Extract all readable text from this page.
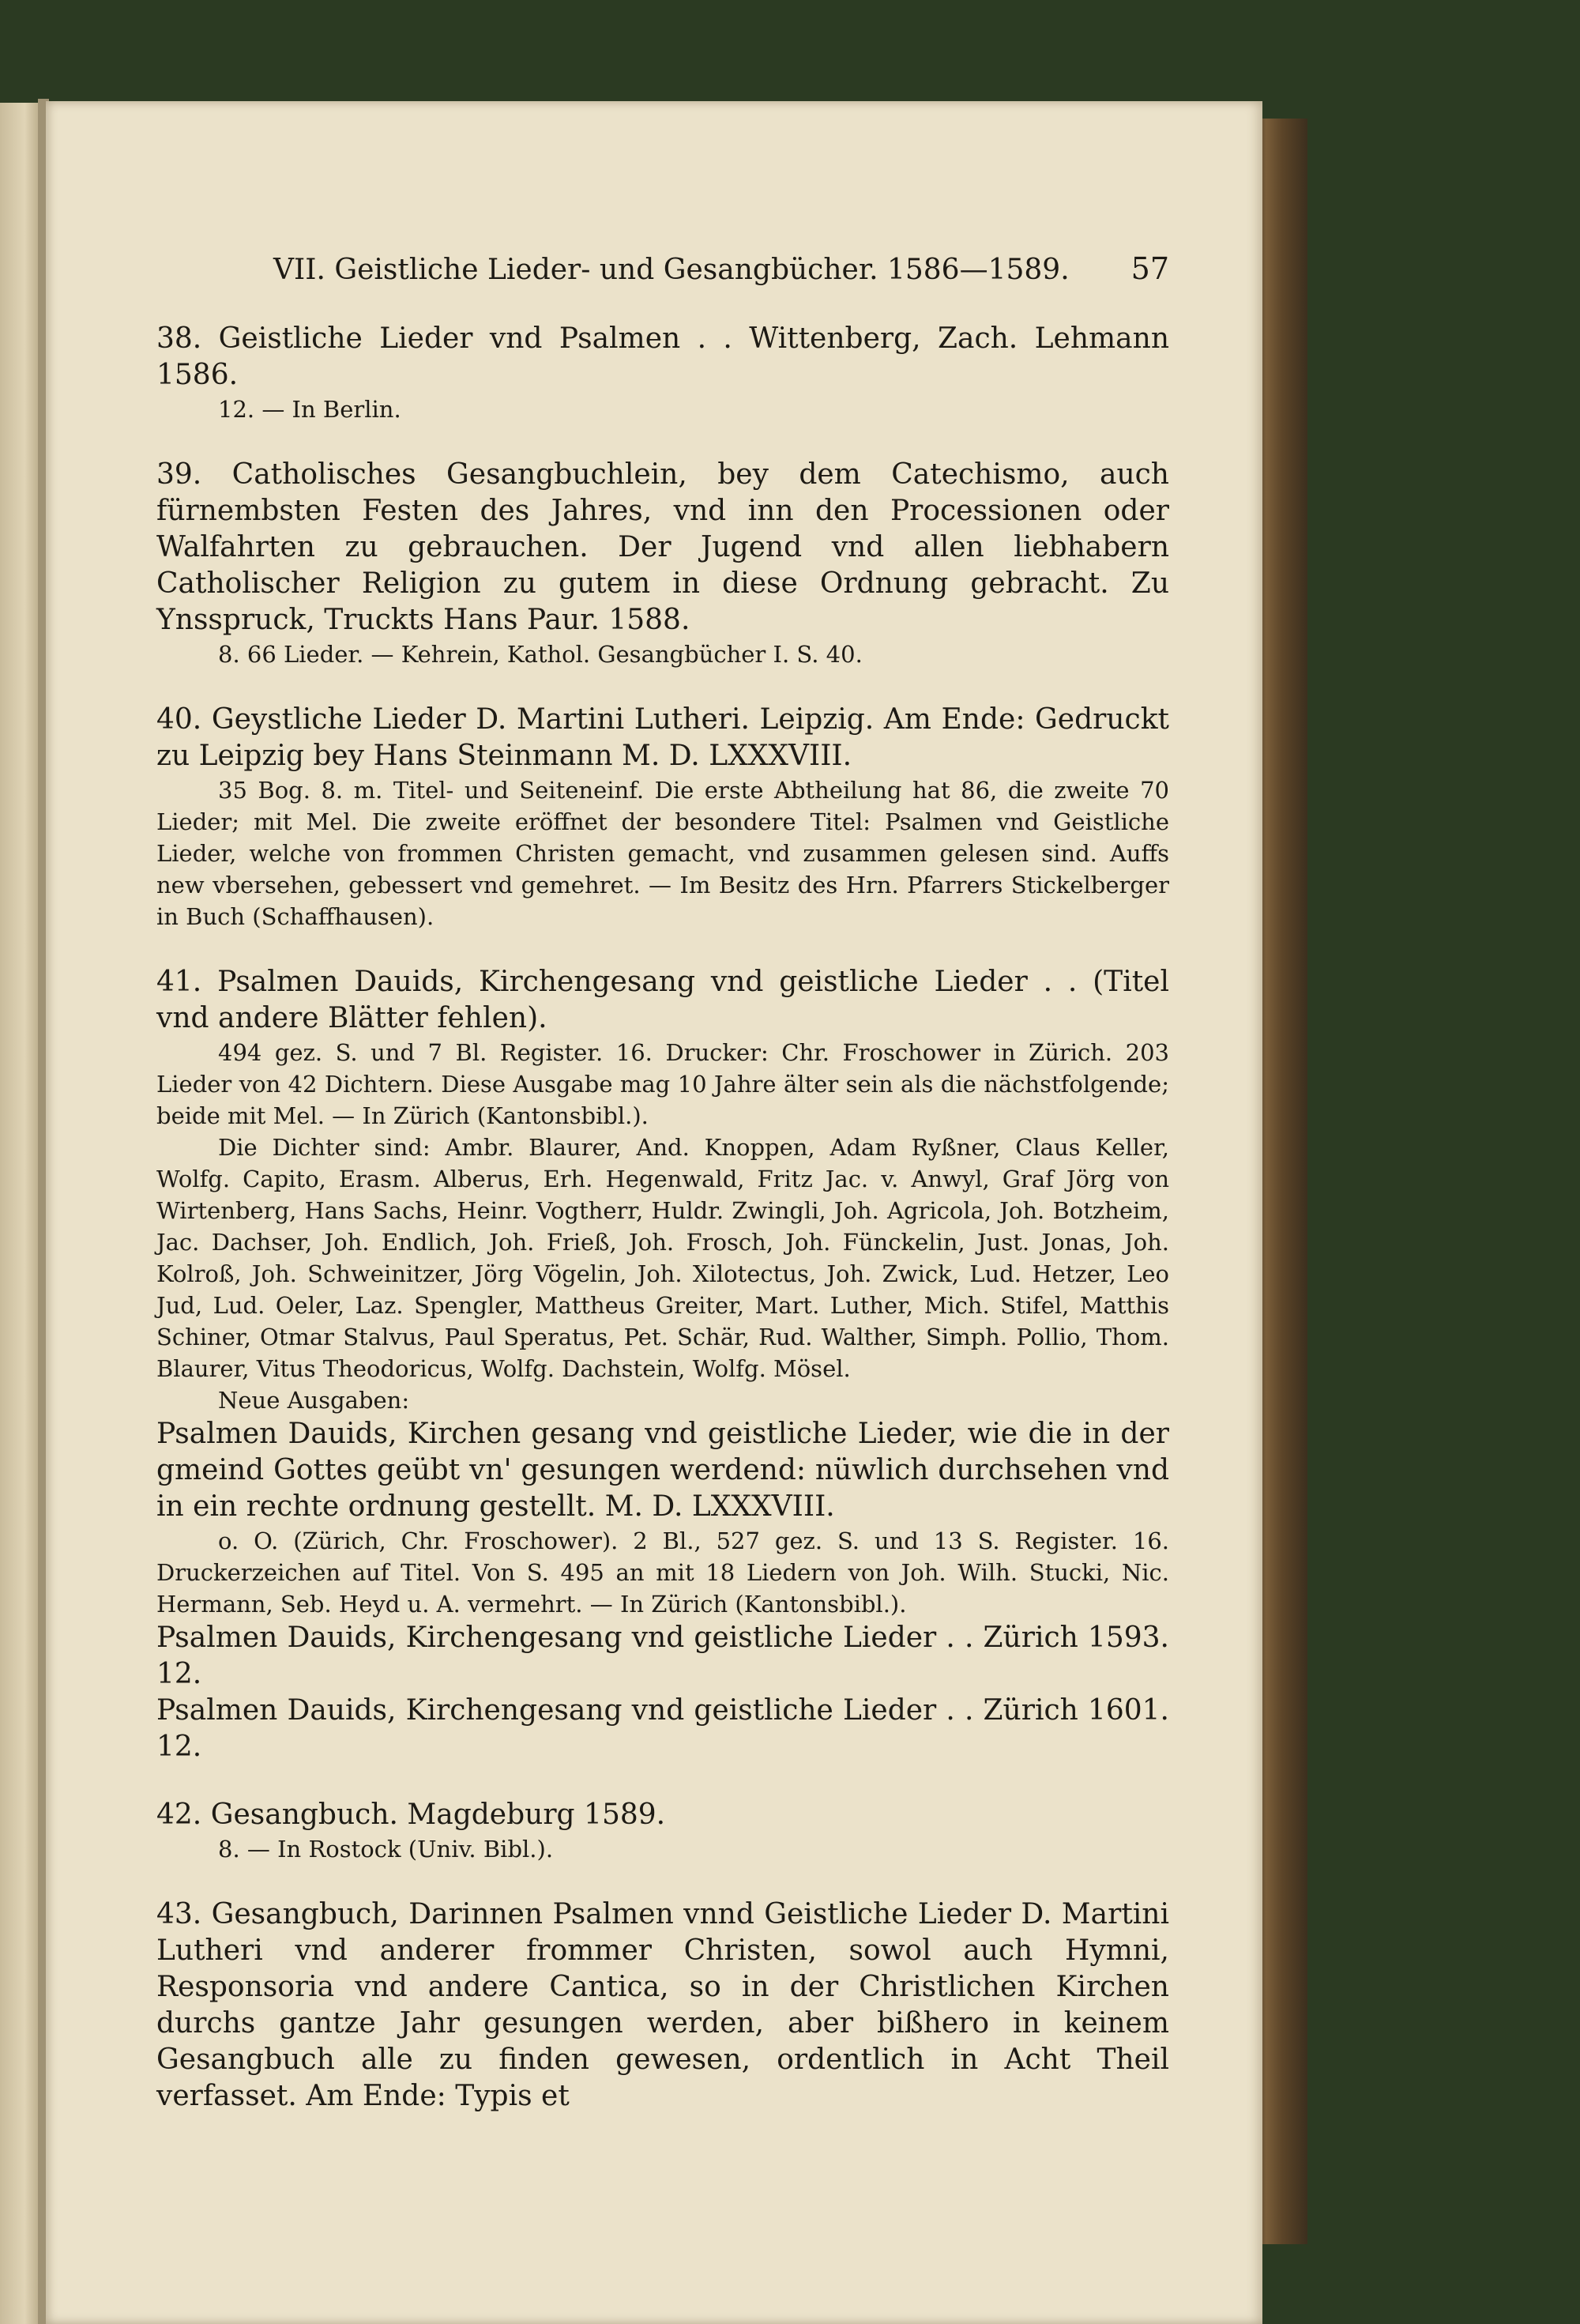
VII. Geistliche Lieder- und Gesangbücher. 1586—1589. 57
38. Geistliche Lieder vnd Psalmen . . Wittenberg, Zach. Lehmann 1586.
12. — In Berlin.
39. Catholisches Gesangbuchlein, bey dem Catechismo, auch fürnembsten Festen des Jahres, vnd inn den Processionen oder Walfahrten zu gebrauchen. Der Jugend vnd allen liebhabern Catholischer Religion zu gutem in diese Ordnung gebracht. Zu Ynsspruck, Truckts Hans Paur. 1588.
8. 66 Lieder. — Kehrein, Kathol. Gesangbücher I. S. 40.
40. Geystliche Lieder D. Martini Lutheri. Leipzig. Am Ende: Gedruckt zu Leipzig bey Hans Steinmann M. D. LXXXVIII.
35 Bog. 8. m. Titel- und Seiteneinf. Die erste Abtheilung hat 86, die zweite 70 Lieder; mit Mel. Die zweite eröffnet der besondere Titel: Psalmen vnd Geistliche Lieder, welche von frommen Christen gemacht, vnd zusammen gelesen sind. Auffs new vbersehen, gebessert vnd gemehret. — Im Besitz des Hrn. Pfarrers Stickelberger in Buch (Schaffhausen).
41. Psalmen Dauids, Kirchengesang vnd geistliche Lieder . . (Titel vnd andere Blätter fehlen).
494 gez. S. und 7 Bl. Register. 16. Drucker: Chr. Froschower in Zürich. 203 Lieder von 42 Dichtern. Diese Ausgabe mag 10 Jahre älter sein als die nächstfolgende; beide mit Mel. — In Zürich (Kantonsbibl.).
Die Dichter sind: Ambr. Blaurer, And. Knoppen, Adam Ryßner, Claus Keller, Wolfg. Capito, Erasm. Alberus, Erh. Hegenwald, Fritz Jac. v. Anwyl, Graf Jörg von Wirtenberg, Hans Sachs, Heinr. Vogtherr, Huldr. Zwingli, Joh. Agricola, Joh. Botzheim, Jac. Dachser, Joh. Endlich, Joh. Frieß, Joh. Frosch, Joh. Fünckelin, Just. Jonas, Joh. Kolroß, Joh. Schweinitzer, Jörg Vögelin, Joh. Xilotectus, Joh. Zwick, Lud. Hetzer, Leo Jud, Lud. Oeler, Laz. Spengler, Mattheus Greiter, Mart. Luther, Mich. Stifel, Matthis Schiner, Otmar Stalvus, Paul Speratus, Pet. Schär, Rud. Walther, Simph. Pollio, Thom. Blaurer, Vitus Theodoricus, Wolfg. Dachstein, Wolfg. Mösel.
Neue Ausgaben:
Psalmen Dauids, Kirchen gesang vnd geistliche Lieder, wie die in der gmeind Gottes geübt vn' gesungen werdend: nüwlich durchsehen vnd in ein rechte ordnung gestellt. M. D. LXXXVIII.
o. O. (Zürich, Chr. Froschower). 2 Bl., 527 gez. S. und 13 S. Register. 16. Druckerzeichen auf Titel. Von S. 495 an mit 18 Liedern von Joh. Wilh. Stucki, Nic. Hermann, Seb. Heyd u. A. vermehrt. — In Zürich (Kantonsbibl.).
Psalmen Dauids, Kirchengesang vnd geistliche Lieder . . Zürich 1593. 12.
Psalmen Dauids, Kirchengesang vnd geistliche Lieder . . Zürich 1601. 12.
42. Gesangbuch. Magdeburg 1589.
8. — In Rostock (Univ. Bibl.).
43. Gesangbuch, Darinnen Psalmen vnnd Geistliche Lieder D. Martini Lutheri vnd anderer frommer Christen, sowol auch Hymni, Responsoria vnd andere Cantica, so in der Christlichen Kirchen durchs gantze Jahr gesungen werden, aber bißhero in keinem Gesangbuch alle zu finden gewesen, ordentlich in Acht Theil verfasset. Am Ende: Typis et
